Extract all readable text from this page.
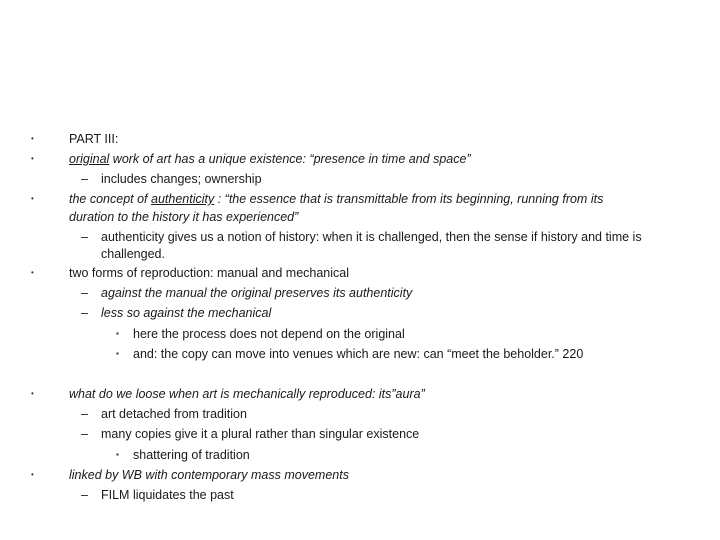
•	PART III:
•	original work of art has a unique existence: “presence in time and space”
– includes changes; ownership
•	the concept of authenticity : “the essence that is transmittable from its beginning, running from its
duration to the history it has experienced”
– authenticity gives us a notion of history: when it is challenged, then the sense if history and time is
challenged.
•	two forms of reproduction: manual and mechanical
– against the manual the original preserves its authenticity
– less so against the mechanical
▪ here the process does not depend on the original
▪ and: the copy can move into venues which are new: can “meet the beholder.” 220
•	what do we loose when art is mechanically reproduced: its”aura”
– art detached from tradition
– many copies give it a plural rather than singular existence
▪ shattering of tradition
•	linked by WB with contemporary mass movements
– FILM liquidates the past
